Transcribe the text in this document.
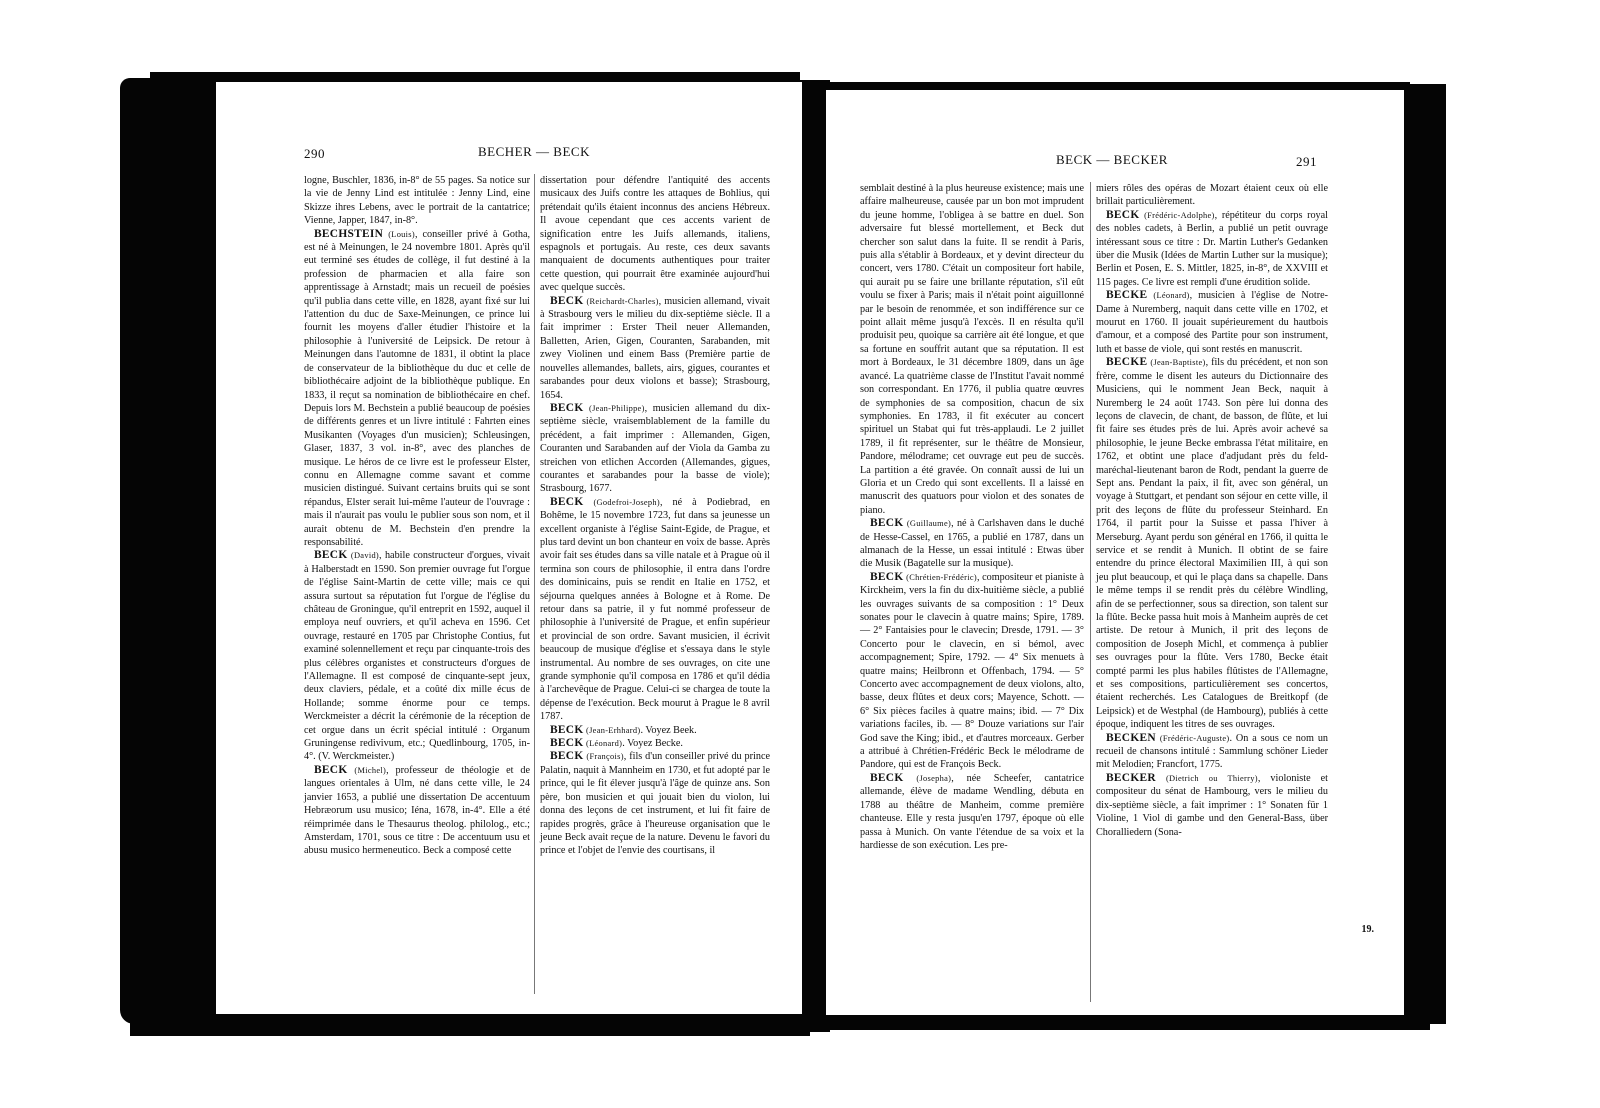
290	BECHER — BECK

logne, Buschler, 1836, in-8° de 55 pages. Sa notice sur la vie de Jenny Lind est intitulée : Jenny Lind, eine Skizze ihres Lebens, avec le portrait de la cantatrice; Vienne, Japper, 1847, in-8°.

BECHSTEIN (Louis), conseiller privé à Gotha, est né à Meinungen, le 24 novembre 1801. Après qu'il eut terminé ses études de collège, il fut destiné à la profession de pharmacien et alla faire son apprentissage à Arnstadt; mais un recueil de poésies qu'il publia dans cette ville, en 1828, ayant fixé sur lui l'attention du duc de Saxe-Meinungen, ce prince lui fournit les moyens d'aller étudier l'histoire et la philosophie à l'université de Leipsick. De retour à Meinungen dans l'automne de 1831, il obtint la place de conservateur de la bibliothèque du duc et celle de bibliothécaire adjoint de la bibliothèque publique. En 1833, il reçut sa nomination de bibliothécaire en chef. Depuis lors M. Bechstein a publié beaucoup de poésies de différents genres et un livre intitulé : Fahrten eines Musikanten (Voyages d'un musicien); Schleusingen, Glaser, 1837, 3 vol. in-8°, avec des planches de musique. Le héros de ce livre est le professeur Elster, connu en Allemagne comme savant et comme musicien distingué. Suivant certains bruits qui se sont répandus, Elster serait lui-même l'auteur de l'ouvrage : mais il n'aurait pas voulu le publier sous son nom, et il aurait obtenu de M. Bechstein d'en prendre la responsabilité.

BECK (David), habile constructeur d'orgues, vivait à Halberstadt en 1590. Son premier ouvrage fut l'orgue de l'église Saint-Martin de cette ville; mais ce qui assura surtout sa réputation fut l'orgue de l'église du château de Groningue, qu'il entreprit en 1592, auquel il employa neuf ouvriers, et qu'il acheva en 1596. Cet ouvrage, restauré en 1705 par Christophe Contius, fut examiné solennellement et reçu par cinquante-trois des plus célèbres organistes et constructeurs d'orgues de l'Allemagne. Il est composé de cinquante-sept jeux, deux claviers, pédale, et a coûté dix mille écus de Hollande; somme énorme pour ce temps. Werckmeister a décrit la cérémonie de la réception de cet orgue dans un écrit spécial intitulé : Organum Gruningense redivivum, etc.; Quedlinbourg, 1705, in-4°. (V. Werckmeister.)

BECK (Michel), professeur de théologie et de langues orientales à Ulm, né dans cette ville, le 24 janvier 1653, a publié une dissertation De accentuum Hebræorum usu musico; Iéna, 1678, in-4°. Elle a été réimprimée dans le Thesaurus theolog. philolog., etc.; Amsterdam, 1701, sous ce titre : De accentuum usu et abusu musico hermeneutico. Beck a composé cette

dissertation pour défendre l'antiquité des accents musicaux des Juifs contre les attaques de Bohlius, qui prétendait qu'ils étaient inconnus des anciens Hébreux. Il avoue cependant que ces accents varient de signification entre les Juifs allemands, italiens, espagnols et portugais. Au reste, ces deux savants manquaient de documents authentiques pour traiter cette question, qui pourrait être examinée aujourd'hui avec quelque succès.

BECK (Reichardt-Charles), musicien allemand, vivait à Strasbourg vers le milieu du dix-septième siècle. Il a fait imprimer : Erster Theil neuer Allemanden, Balletten, Arien, Gigen, Couranten, Sarabanden, mit zwey Violinen und einem Bass (Première partie de nouvelles allemandes, ballets, airs, gigues, courantes et sarabandes pour deux violons et basse); Strasbourg, 1654.

BECK (Jean-Philippe), musicien allemand du dix-septième siècle, vraisemblablement de la famille du précédent, a fait imprimer : Allemanden, Gigen, Couranten und Sarabanden auf der Viola da Gamba zu streichen von etlichen Accorden (Allemandes, gigues, courantes et sarabandes pour la basse de viole); Strasbourg, 1677.

BECK (Godefroi-Joseph), né à Podiebrad, en Bohême, le 15 novembre 1723, fut dans sa jeunesse un excellent organiste à l'église Saint-Egide, de Prague, et plus tard devint un bon chanteur en voix de basse. Après avoir fait ses études dans sa ville natale et à Prague où il termina son cours de philosophie, il entra dans l'ordre des dominicains, puis se rendit en Italie en 1752, et séjourna quelques années à Bologne et à Rome. De retour dans sa patrie, il y fut nommé professeur de philosophie à l'université de Prague, et enfin supérieur et provincial de son ordre. Savant musicien, il écrivit beaucoup de musique d'église et s'essaya dans le style instrumental. Au nombre de ses ouvrages, on cite une grande symphonie qu'il composa en 1786 et qu'il dédia à l'archevêque de Prague. Celui-ci se chargea de toute la dépense de l'exécution. Beck mourut à Prague le 8 avril 1787.

BECK (Jean-Erhhard). Voyez Beek.

BECK (Léonard). Voyez Becke.

BECK (François), fils d'un conseiller privé du prince Palatin, naquit à Mannheim en 1730, et fut adopté par le prince, qui le fit élever jusqu'à l'âge de quinze ans. Son père, bon musicien et qui jouait bien du violon, lui donna des leçons de cet instrument, et lui fit faire de rapides progrès, grâce à l'heureuse organisation que le jeune Beck avait reçue de la nature. Devenu le favori du prince et l'objet de l'envie des courtisans, il

BECK — BECKER	291

semblait destiné à la plus heureuse existence; mais une affaire malheureuse, causée par un bon mot imprudent du jeune homme, l'obligea à se battre en duel. Son adversaire fut blessé mortellement, et Beck dut chercher son salut dans la fuite. Il se rendit à Paris, puis alla s'établir à Bordeaux, et y devint directeur du concert, vers 1780. C'était un compositeur fort habile, qui aurait pu se faire une brillante réputation, s'il eût voulu se fixer à Paris; mais il n'était point aiguillonné par le besoin de renommée, et son indifférence sur ce point allait même jusqu'à l'excès. Il en résulta qu'il produisit peu, quoique sa carrière ait été longue, et que sa fortune en souffrit autant que sa réputation. Il est mort à Bordeaux, le 31 décembre 1809, dans un âge avancé. La quatrième classe de l'Institut l'avait nommé son correspondant. En 1776, il publia quatre œuvres de symphonies de sa composition, chacun de six symphonies. En 1783, il fit exécuter au concert spirituel un Stabat qui fut très-applaudi. Le 2 juillet 1789, il fit représenter, sur le théâtre de Monsieur, Pandore, mélodrame; cet ouvrage eut peu de succès. La partition a été gravée. On connaît aussi de lui un Gloria et un Credo qui sont excellents. Il a laissé en manuscrit des quatuors pour violon et des sonates de piano.

BECK (Guillaume), né à Carlshaven dans le duché de Hesse-Cassel, en 1765, a publié en 1787, dans un almanach de la Hesse, un essai intitulé : Etwas über die Musik (Bagatelle sur la musique).

BECK (Chrétien-Frédéric), compositeur et pianiste à Kirckheim, vers la fin du dix-huitième siècle, a publié les ouvrages suivants de sa composition : 1° Deux sonates pour le clavecin à quatre mains; Spire, 1789. — 2° Fantaisies pour le clavecin; Dresde, 1791. — 3° Concerto pour le clavecin, en si bémol, avec accompagnement; Spire, 1792. — 4° Six menuets à quatre mains; Heilbronn et Offenbach, 1794. — 5° Concerto avec accompagnement de deux violons, alto, basse, deux flûtes et deux cors; Mayence, Schott. — 6° Six pièces faciles à quatre mains; ibid. — 7° Dix variations faciles, ib. — 8° Douze variations sur l'air God save the King; ibid., et d'autres morceaux. Gerber a attribué à Chrétien-Frédéric Beck le mélodrame de Pandore, qui est de François Beck.

BECK (Josepha), née Scheefer, cantatrice allemande, élève de madame Wendling, débuta en 1788 au théâtre de Manheim, comme première chanteuse. Elle y resta jusqu'en 1797, époque où elle passa à Munich. On vante l'étendue de sa voix et la hardiesse de son exécution. Les pre-

miers rôles des opéras de Mozart étaient ceux où elle brillait particulièrement.

BECK (Frédéric-Adolphe), répétiteur du corps royal des nobles cadets, à Berlin, a publié un petit ouvrage intéressant sous ce titre : Dr. Martin Luther's Gedanken über die Musik (Idées de Martin Luther sur la musique); Berlin et Posen, E. S. Mittler, 1825, in-8°, de XXVIII et 115 pages. Ce livre est rempli d'une érudition solide.

BECKE (Léonard), musicien à l'église de Notre-Dame à Nuremberg, naquit dans cette ville en 1702, et mourut en 1760. Il jouait supérieurement du hautbois d'amour, et a composé des Partite pour son instrument, luth et basse de viole, qui sont restés en manuscrit.

BECKE (Jean-Baptiste), fils du précédent, et non son frère, comme le disent les auteurs du Dictionnaire des Musiciens, qui le nomment Jean Beck, naquit à Nuremberg le 24 août 1743. Son père lui donna des leçons de clavecin, de chant, de basson, de flûte, et lui fit faire ses études près de lui. Après avoir achevé sa philosophie, le jeune Becke embrassa l'état militaire, en 1762, et obtint une place d'adjudant près du feld-maréchal-lieutenant baron de Rodt, pendant la guerre de Sept ans. Pendant la paix, il fit, avec son général, un voyage à Stuttgart, et pendant son séjour en cette ville, il prit des leçons de flûte du professeur Steinhard. En 1764, il partit pour la Suisse et passa l'hiver à Merseburg. Ayant perdu son général en 1766, il quitta le service et se rendit à Munich. Il obtint de se faire entendre du prince électoral Maximilien III, à qui son jeu plut beaucoup, et qui le plaça dans sa chapelle. Dans le même temps il se rendit près du célèbre Windling, afin de se perfectionner, sous sa direction, son talent sur la flûte. Becke passa huit mois à Manheim auprès de cet artiste. De retour à Munich, il prit des leçons de composition de Joseph Michl, et commença à publier ses ouvrages pour la flûte. Vers 1780, Becke était compté parmi les plus habiles flûtistes de l'Allemagne, et ses compositions, particulièrement ses concertos, étaient recherchés. Les Catalogues de Breitkopf (de Leipsick) et de Westphal (de Hambourg), publiés à cette époque, indiquent les titres de ses ouvrages.

BECKEN (Frédéric-Auguste). On a sous ce nom un recueil de chansons intitulé : Sammlung schöner Lieder mit Melodien; Francfort, 1775.

BECKER (Dietrich ou Thierry), violoniste et compositeur du sénat de Hambourg, vers le milieu du dix-septième siècle, a fait imprimer : 1° Sonaten für 1 Violine, 1 Viol di gambe und den General-Bass, über Choralliedern (Sona-

19.
